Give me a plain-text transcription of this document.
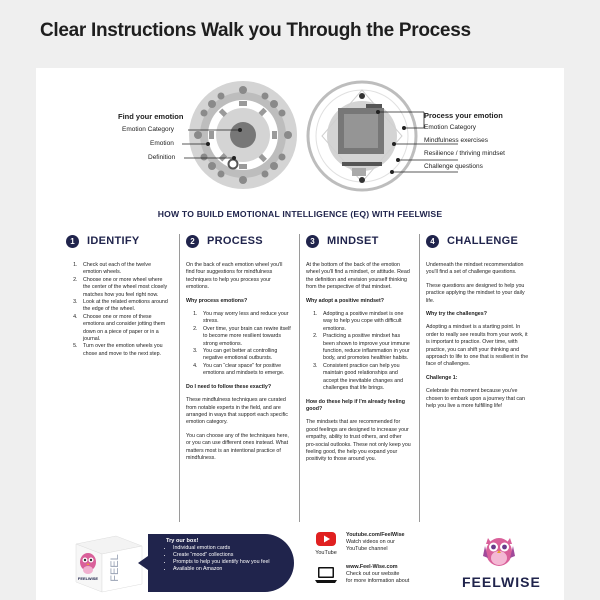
Clear Instructions Walk you Through the Process
Find your emotion
Emotion Category
Emotion
Definition
Process your emotion
Emotion Category
Mindfulness exercises
Resilience / thriving mindset
Challenge questions
HOW TO BUILD EMOTIONAL INTELLIGENCE (EQ) WITH FEELWISE
1	IDENTIFY
1. Check out each of the twelve emotion wheels.
2. Choose one or more wheel where the center of the wheel most closely matches how you feel right now.
3. Look at the related emotions around the edge of the wheel.
4. Choose one or more of these emotions and consider jotting them down on a piece of paper or in a journal.
5. Turn over the emotion wheels you chose and move to the next step.
2	PROCESS
On the back of each emotion wheel you'll find four suggestions for mindfulness techniques to help you process your emotions.
Why process emotions?
1. You may worry less and reduce your stress.
2. Over time, your brain can rewire itself to become more resilient towards strong emotions.
3. You can get better at controlling negative emotional outbursts.
4. You can “clear space” for positive emotions and mindsets to emerge.
Do I need to follow these exactly?
These mindfulness techniques are curated from notable experts in the field, and are arranged in ways that support each specific emotion category.
You can choose any of the techniques here, or you can use different ones instead. What matters most is an intentional practice of mindfulness.
3	MINDSET
At the bottom of the back of the emotion wheel you'll find a mindset, or attitude. Read the definition and envision yourself thinking from the perspective of that mindset.
Why adopt a positive mindset?
1. Adopting a positive mindset is one way to help you cope with difficult emotions.
2. Practicing a positive mindset has been shown to improve your immune function, reduce inflammation in your body, and promotes healthier habits.
3. Consistent practice can help you maintain good relationships and accept the inevitable changes and challenges that life brings.
How do these help if I'm already feeling good?
The mindsets that are recommended for good feelings are designed to increase your empathy, ability to trust others, and other pro-social outlooks. These not only keep you feeling good, the help you expand your positivity to those around you.
4	CHALLENGE
Underneath the mindset recommendation you'll find a set of challenge questions.
These questions are designed to help you practice applying the mindset to your daily life.
Why try the challenges?
Adopting a mindset is a starting point. In order to really see results from your work, it is important to practice. Over time, with practice, you can shift your thinking and approach to life to one that is resilient in the face of challenges.
Challenge 1:
Celebrate this moment because you've chosen to embark upon a journey that can help you live a more fulfilling life!
FEEL
FEELWISE
Try our box!
• Individual emotion cards
• Create “mood” collections
• Prompts to help you identify how you feel
• Available on Amazon
YouTube
Youtube.com/FeelWise
Watch videos on our
YouTube channel
www.Feel-Wise.com
Check out our website
for more information about	FEELWISE
